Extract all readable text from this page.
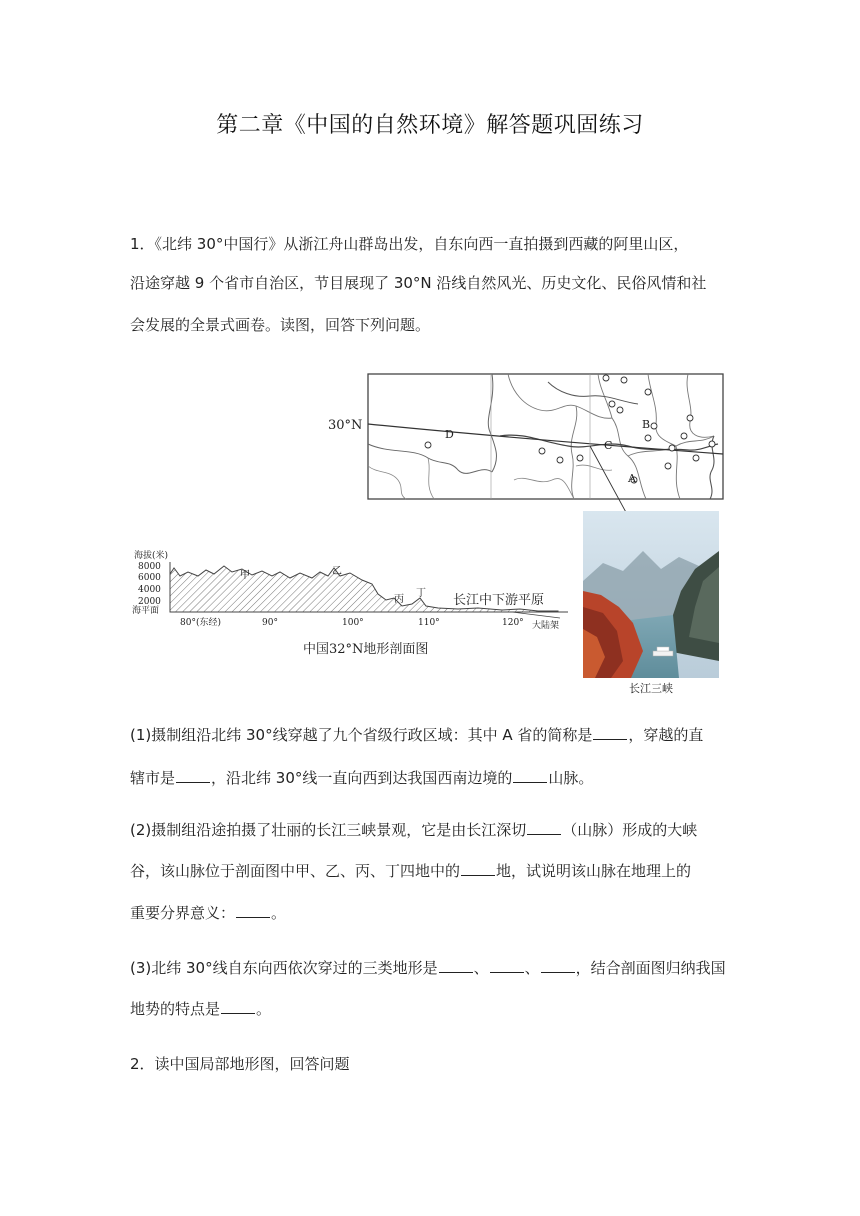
第二章《中国的自然环境》解答题巩固练习

1．《北纬 30°中国行》从浙江舟山群岛出发，自东向西一直拍摄到西藏的阿里山区，

沿途穿越 9 个省市自治区，节目展现了 30°N 沿线自然风光、历史文化、民俗风情和社

会发展的全景式画卷。读图，回答下列问题。

30°N
D
C
B
A
海拔(米)
8000
6000
4000
2000
海平面
80°(东经)	90°	100°	110°	120° 大陆架
甲	乙
丙
丁 长江中下游平原
中国32°N地形剖面图
长江三峡

(1)摄制组沿北纬 30°线穿越了九个省级行政区域：其中 A 省的简称是 ，穿越的直

辖市是 ，沿北纬 30°线一直向西到达我国西南边境的 山脉。

(2)摄制组沿途拍摄了壮丽的长江三峡景观，它是由长江深切 （山脉）形成的大峡

谷，该山脉位于剖面图中甲、乙、丙、丁四地中的 地，试说明该山脉在地理上的

重要分界意义： 。

(3)北纬 30°线自东向西依次穿过的三类地形是 、 、 ，结合剖面图归纳我国

地势的特点是 。

2．读中国局部地形图，回答问题
